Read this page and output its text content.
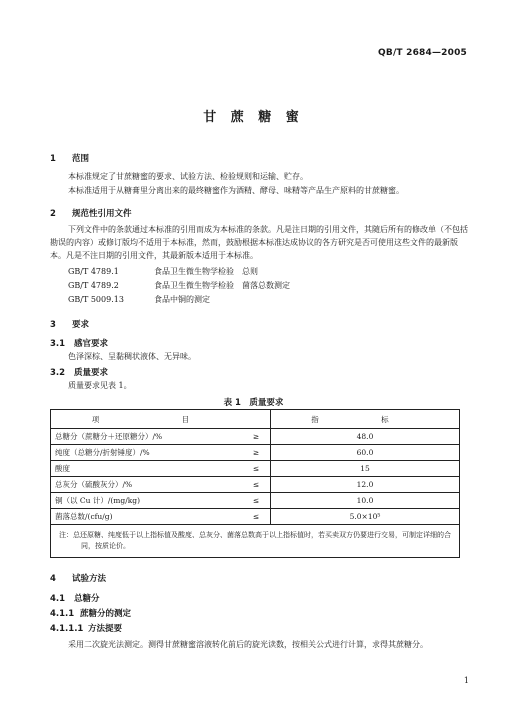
QB/T 2684—2005
甘 蔗 糖 蜜
1 范围
本标准规定了甘蔗糖蜜的要求、试验方法、检验规则和运输、贮存。
本标准适用于从糖膏里分离出来的最终糖蜜作为酒精、酵母、味精等产品生产原料的甘蔗糖蜜。
2 规范性引用文件
下列文件中的条款通过本标准的引用而成为本标准的条款。凡是注日期的引用文件，其随后所有的修改单（不包括勘误的内容）或修订版均不适用于本标准，然而，鼓励根据本标准达成协议的各方研究是否可使用这些文件的最新版本。凡是不注日期的引用文件，其最新版本适用于本标准。
GB/T 4789.1	食品卫生微生物学检验　总则
GB/T 4789.2	食品卫生微生物学检验　菌落总数测定
GB/T 5009.13	食品中铜的测定
3 要求
3.1 感官要求
色泽深棕、呈黏稠状液体、无异味。
3.2 质量要求
质量要求见表 1。
表 1　质量要求
项 目		指 标
总糖分（蔗糖分＋还原糖分）/%	≥	48.0
纯度（总糖分/折射锤度）/%	≥	60.0
酸度	≤	15
总灰分（硫酸灰分）/%	≤	12.0
铜（以 Cu 计）/(mg/kg)	≤	10.0
菌落总数/(cfu/g)	≤	5.0×10⁵
注：总还原糖、纯度低于以上指标值及酸度、总灰分、菌落总数高于以上指标值时，若买卖双方仍要进行交易，可制定详细的合同，按质论价。		
4 试验方法
4.1 总糖分
4.1.1 蔗糖分的测定
4.1.1.1 方法提要
采用二次旋光法测定。测得甘蔗糖蜜溶液转化前后的旋光读数，按相关公式进行计算，求得其蔗糖分。
1
